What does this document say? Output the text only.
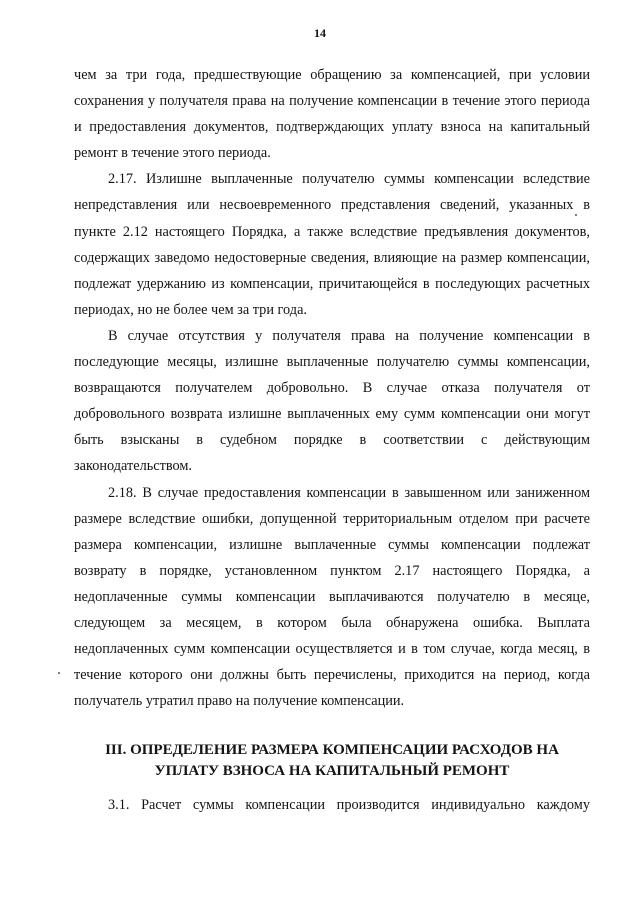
14

чем за три года, предшествующие обращению за компенсацией, при условии сохранения у получателя права на получение компенсации в течение этого периода и предоставления документов, подтверждающих уплату взноса на капитальный ремонт в течение этого периода.

2.17. Излишне выплаченные получателю суммы компенсации вследствие непредставления или несвоевременного представления сведений, указанных в пункте 2.12 настоящего Порядка, а также вследствие предъявления документов, содержащих заведомо недостоверные сведения, влияющие на размер компенсации, подлежат удержанию из компенсации, причитающейся в последующих расчетных периодах, но не более чем за три года.

В случае отсутствия у получателя права на получение компенсации в последующие месяцы, излишне выплаченные получателю суммы компенсации, возвращаются получателем добровольно. В случае отказа получателя от добровольного возврата излишне выплаченных ему сумм компенсации они могут быть взысканы в судебном порядке в соответствии с действующим законодательством.

2.18. В случае предоставления компенсации в завышенном или заниженном размере вследствие ошибки, допущенной территориальным отделом при расчете размера компенсации, излишне выплаченные суммы компенсации подлежат возврату в порядке, установленном пунктом 2.17 настоящего Порядка, а недоплаченные суммы компенсации выплачиваются получателю в месяце, следующем за месяцем, в котором была обнаружена ошибка. Выплата недоплаченных сумм компенсации осуществляется и в том случае, когда месяц, в течение которого они должны быть перечислены, приходится на период, когда получатель утратил право на получение компенсации.

III. ОПРЕДЕЛЕНИЕ РАЗМЕРА КОМПЕНСАЦИИ РАСХОДОВ НА
УПЛАТУ ВЗНОСА НА КАПИТАЛЬНЫЙ РЕМОНТ

3.1. Расчет суммы компенсации производится индивидуально каждому
